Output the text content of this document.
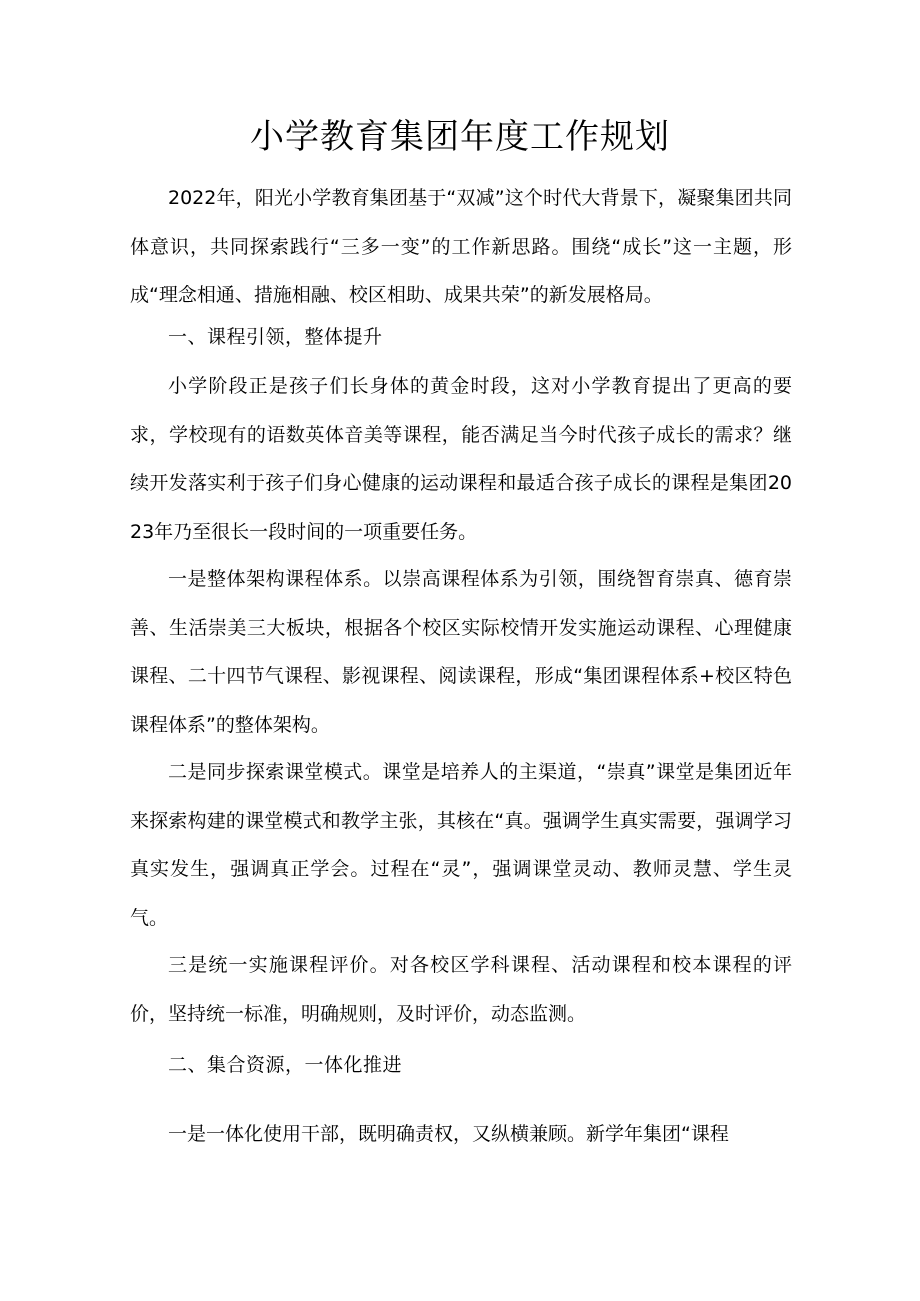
小学教育集团年度工作规划

2022年，阳光小学教育集团基于“双减”这个时代大背景下，凝聚集团共同体意识，共同探索践行“三多一变”的工作新思路。围绕“成长”这一主题，形成“理念相通、措施相融、校区相助、成果共荣”的新发展格局。

一、课程引领，整体提升

小学阶段正是孩子们长身体的黄金时段，这对小学教育提出了更高的要求，学校现有的语数英体音美等课程，能否满足当今时代孩子成长的需求？继续开发落实利于孩子们身心健康的运动课程和最适合孩子成长的课程是集团2023年乃至很长一段时间的一项重要任务。

一是整体架构课程体系。以崇高课程体系为引领，围绕智育崇真、德育崇善、生活崇美三大板块，根据各个校区实际校情开发实施运动课程、心理健康课程、二十四节气课程、影视课程、阅读课程，形成“集团课程体系+校区特色课程体系”的整体架构。

二是同步探索课堂模式。课堂是培养人的主渠道，“崇真”课堂是集团近年来探索构建的课堂模式和教学主张，其核在“真。强调学生真实需要，强调学习真实发生，强调真正学会。过程在“灵”，强调课堂灵动、教师灵慧、学生灵气。

三是统一实施课程评价。对各校区学科课程、活动课程和校本课程的评价，坚持统一标准，明确规则，及时评价，动态监测。

二、集合资源，一体化推进

一是一体化使用干部，既明确责权，又纵横兼顾。新学年集团“课程
